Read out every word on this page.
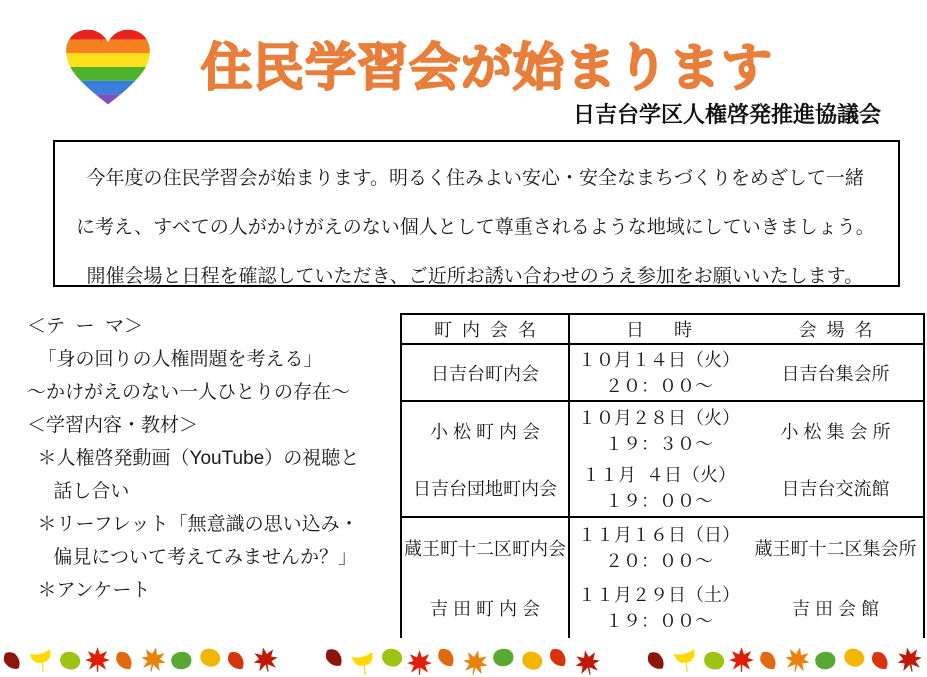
住民学習会が始まります
日吉台学区人権啓発推進協議会
今年度の住民学習会が始まります。明るく住みよい安心・安全なまちづくりをめざして一緒
に考え、すべての人がかけがえのない個人として尊重されるような地域にしていきましょう。
開催会場と日程を確認していただき、ご近所お誘い合わせのうえ参加をお願いいたします。
＜テ  ー  マ＞
「身の回りの人権問題を考える」
～かけがえのない一人ひとりの存在～
＜学習内容・教材＞
＊人権啓発動画（YouTube）の視聴と
話し合い
＊リーフレット「無意識の思い込み・
偏見について考えてみませんか？」
＊アンケート
町  内  会  名	日      時	会  場  名
日吉台町内会
１０月１４日（火）
２０：００～
日吉台集会所
小 松 町 内 会
１０月２８日（火）
１９：３０～
小 松 集 会 所
日吉台団地町内会
１１月  ４日（火）
１９：００～
日吉台交流館
蔵王町十二区町内会
１１月１６日（日）
２０：００～
蔵王町十二区集会所
吉 田 町 内 会
１１月２９日（土）
１９：００～
吉 田 会 館
